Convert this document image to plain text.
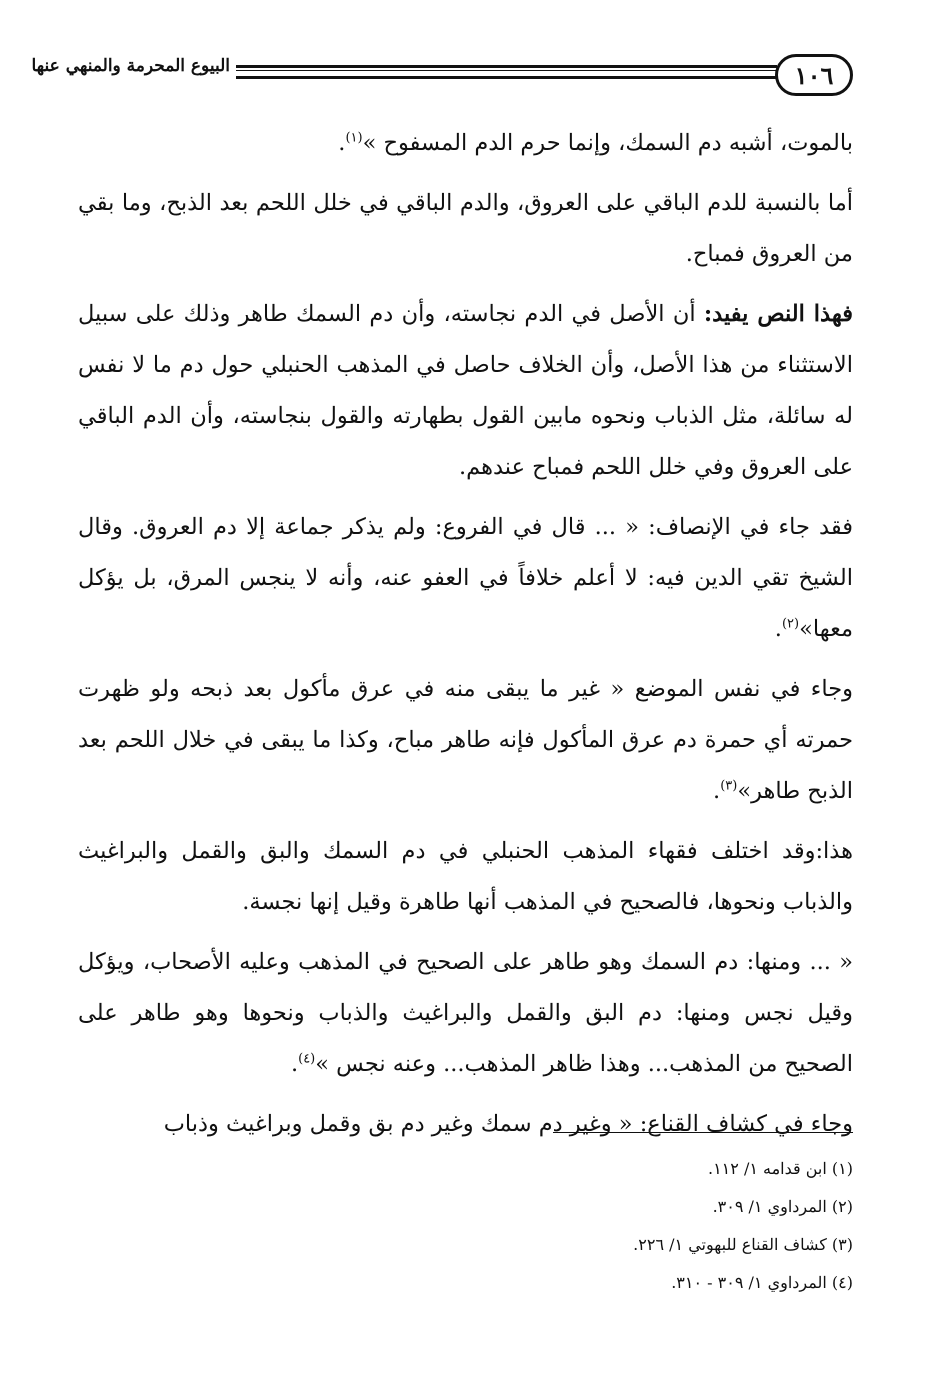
١٠٦
البيوع المحرمة والمنهي عنها

بالموت، أشبه دم السمك، وإنما حرم الدم المسفوح »$^{(١)}$.

أما بالنسبة للدم الباقي على العروق، والدم الباقي في خلل اللحم بعد الذبح، وما بقي من العروق فمباح.

فهذا النص يفيد: أن الأصل في الدم نجاسته، وأن دم السمك طاهر وذلك على سبيل الاستثناء من هذا الأصل، وأن الخلاف حاصل في المذهب الحنبلي حول دم ما لا نفس له سائلة، مثل الذباب ونحوه مابين القول بطهارته والقول بنجاسته، وأن الدم الباقي على العروق وفي خلل اللحم فمباح عندهم.

فقد جاء في الإنصاف: « ... قال في الفروع: ولم يذكر جماعة إلا دم العروق. وقال الشيخ تقي الدين فيه: لا أعلم خلافاً في العفو عنه، وأنه لا ينجس المرق، بل يؤكل معها»$^{(٢)}$.

وجاء في نفس الموضع « غير ما يبقى منه في عرق مأكول بعد ذبحه ولو ظهرت حمرته أي حمرة دم عرق المأكول فإنه طاهر مباح، وكذا ما يبقى في خلال اللحم بعد الذبح طاهر»$^{(٣)}$.

هذا:وقد اختلف فقهاء المذهب الحنبلي في دم السمك والبق والقمل والبراغيث والذباب ونحوها، فالصحيح في المذهب أنها طاهرة وقيل إنها نجسة.

« ... ومنها: دم السمك وهو طاهر على الصحيح في المذهب وعليه الأصحاب، ويؤكل وقيل نجس ومنها: دم البق والقمل والبراغيث والذباب ونحوها وهو طاهر على الصحيح من المذهب... وهذا ظاهر المذهب... وعنه نجس »$^{(٤)}$.

وجاء في كشاف القناع: « وغير دم سمك وغير دم بق وقمل وبراغيث وذباب

(١) ابن قدامه ١/ ١١٢.

(٢) المرداوي ١/ ٣٠٩.

(٣) كشاف القناع للبهوتي ١/ ٢٢٦.

(٤) المرداوي ١/ ٣٠٩ - ٣١٠.
